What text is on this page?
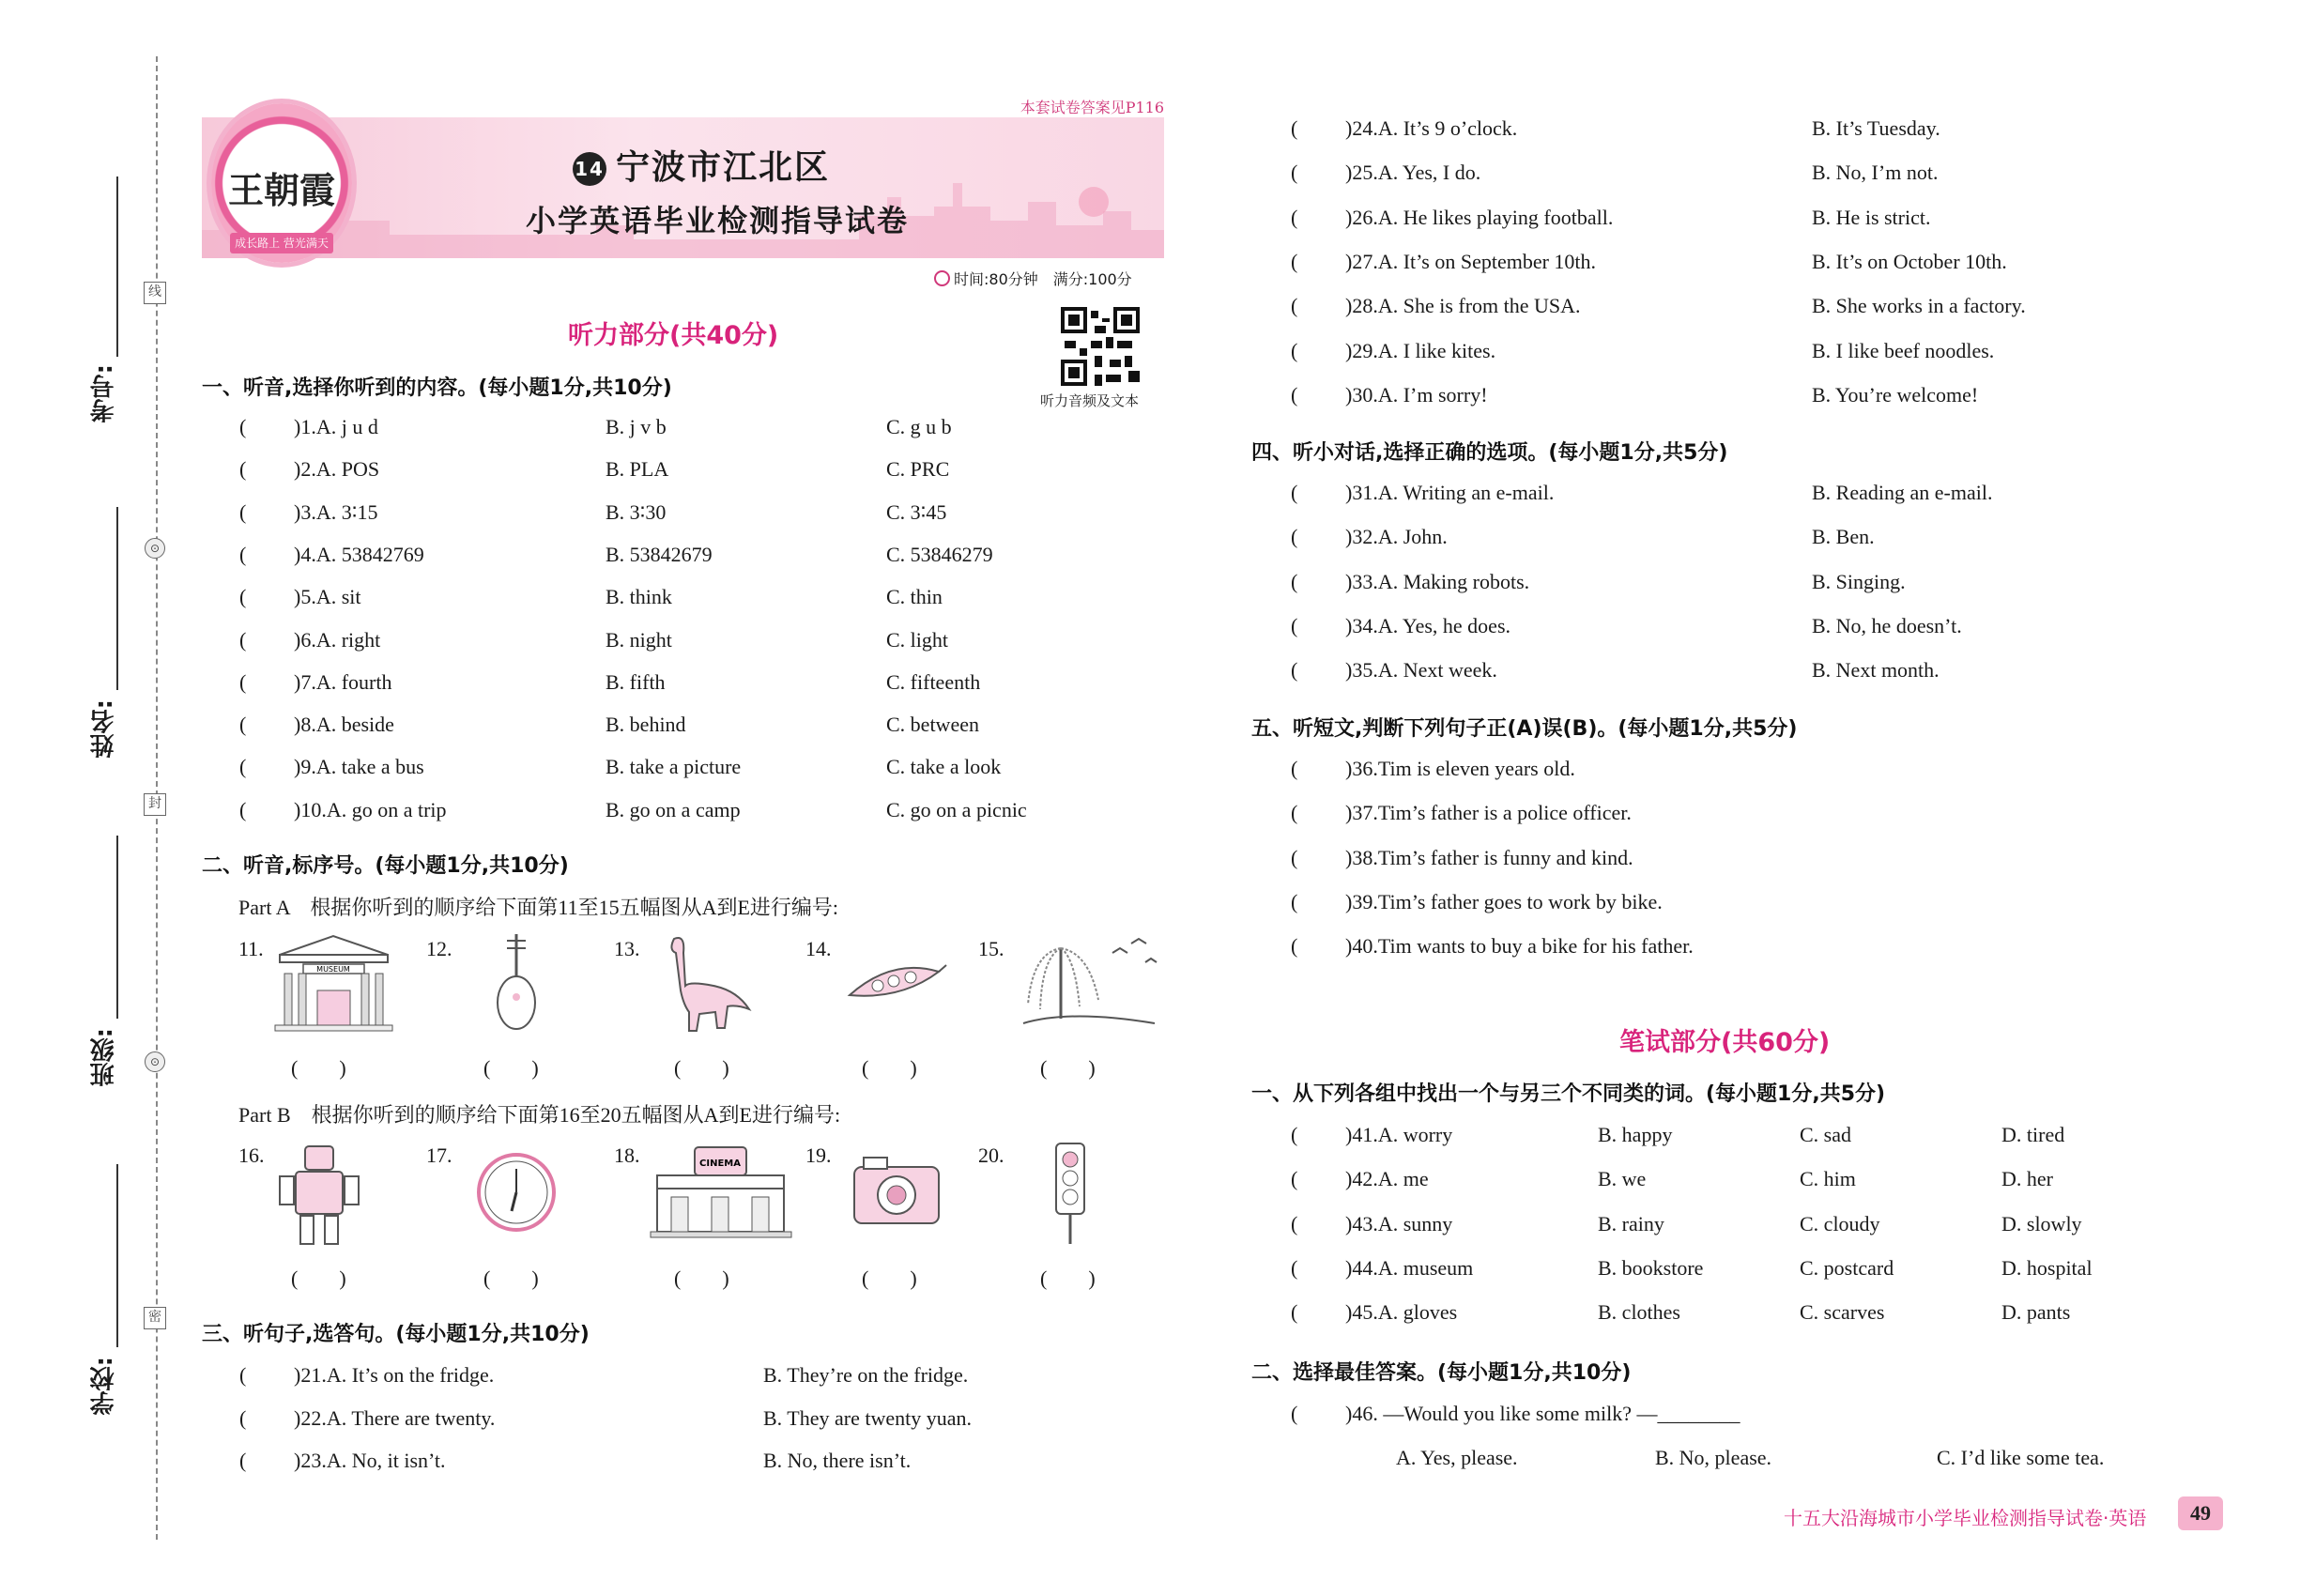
学校:
班级:
姓名:
考号:
线
⊙
封
⊙
密
本套试卷答案见P116
王朝霞
成长路上 营光满天
14 宁波市江北区
小学英语毕业检测指导试卷
时间:80分钟　满分:100分
听力音频及文本
听力部分(共40分)
一、听音,选择你听到的内容。(每小题1分,共10分)
( )1.A. j u d	B. j v b	C. g u b
( )2.A. POS	B. PLA	C. PRC
( )3.A. 3∶15	B. 3∶30	C. 3∶45
( )4.A. 53842769	B. 53842679	C. 53846279
( )5.A. sit	B. think	C. thin
( )6.A. right	B. night	C. light
( )7.A. fourth	B. fifth	C. fifteenth
( )8.A. beside	B. behind	C. between
( )9.A. take a bus	B. take a picture	C. take a look
( )10.A. go on a trip	B. go on a camp	C. go on a picnic
二、听音,标序号。(每小题1分,共10分)
Part A　根据你听到的顺序给下面第11至15五幅图从A到E进行编号:
11.
MUSEUM
12.	13.	14.	15.
(　　)	(　　)	(　　)	(　　)	(　　)
Part B　根据你听到的顺序给下面第16至20五幅图从A到E进行编号:
16.	17.	18.	CINEMA	19.	20.
(　　)	(　　)	(　　)	(　　)	(　　)
三、听句子,选答句。(每小题1分,共10分)
( )21.A. It’s on the fridge.	B. They’re on the fridge.
( )22.A. There are twenty.	B. They are twenty yuan.
( )23.A. No, it isn’t.	B. No, there isn’t.
( )24.A. It’s 9 o’clock.	B. It’s Tuesday.
( )25.A. Yes, I do.	B. No, I’m not.
( )26.A. He likes playing football.	B. He is strict.
( )27.A. It’s on September 10th.	B. It’s on October 10th.
( )28.A. She is from the USA.	B. She works in a factory.
( )29.A. I like kites.	B. I like beef noodles.
( )30.A. I’m sorry!	B. You’re welcome!
四、听小对话,选择正确的选项。(每小题1分,共5分)
( )31.A. Writing an e-mail.	B. Reading an e-mail.
( )32.A. John.	B. Ben.
( )33.A. Making robots.	B. Singing.
( )34.A. Yes, he does.	B. No, he doesn’t.
( )35.A. Next week.	B. Next month.
五、听短文,判断下列句子正(A)误(B)。(每小题1分,共5分)
( )36.Tim is eleven years old.
( )37.Tim’s father is a police officer.
( )38.Tim’s father is funny and kind.
( )39.Tim’s father goes to work by bike.
( )40.Tim wants to buy a bike for his father.
笔试部分(共60分)
一、从下列各组中找出一个与另三个不同类的词。(每小题1分,共5分)
( )41.A. worry	B. happy	C. sad	D. tired
( )42.A. me	B. we	C. him	D. her
( )43.A. sunny	B. rainy	C. cloudy	D. slowly
( )44.A. museum	B. bookstore	C. postcard	D. hospital
( )45.A. gloves	B. clothes	C. scarves	D. pants
二、选择最佳答案。(每小题1分,共10分)
( )46. —Would you like some milk? —________
A. Yes, please.	B. No, please.	C. I’d like some tea.
十五大沿海城市小学毕业检测指导试卷·英语	49
